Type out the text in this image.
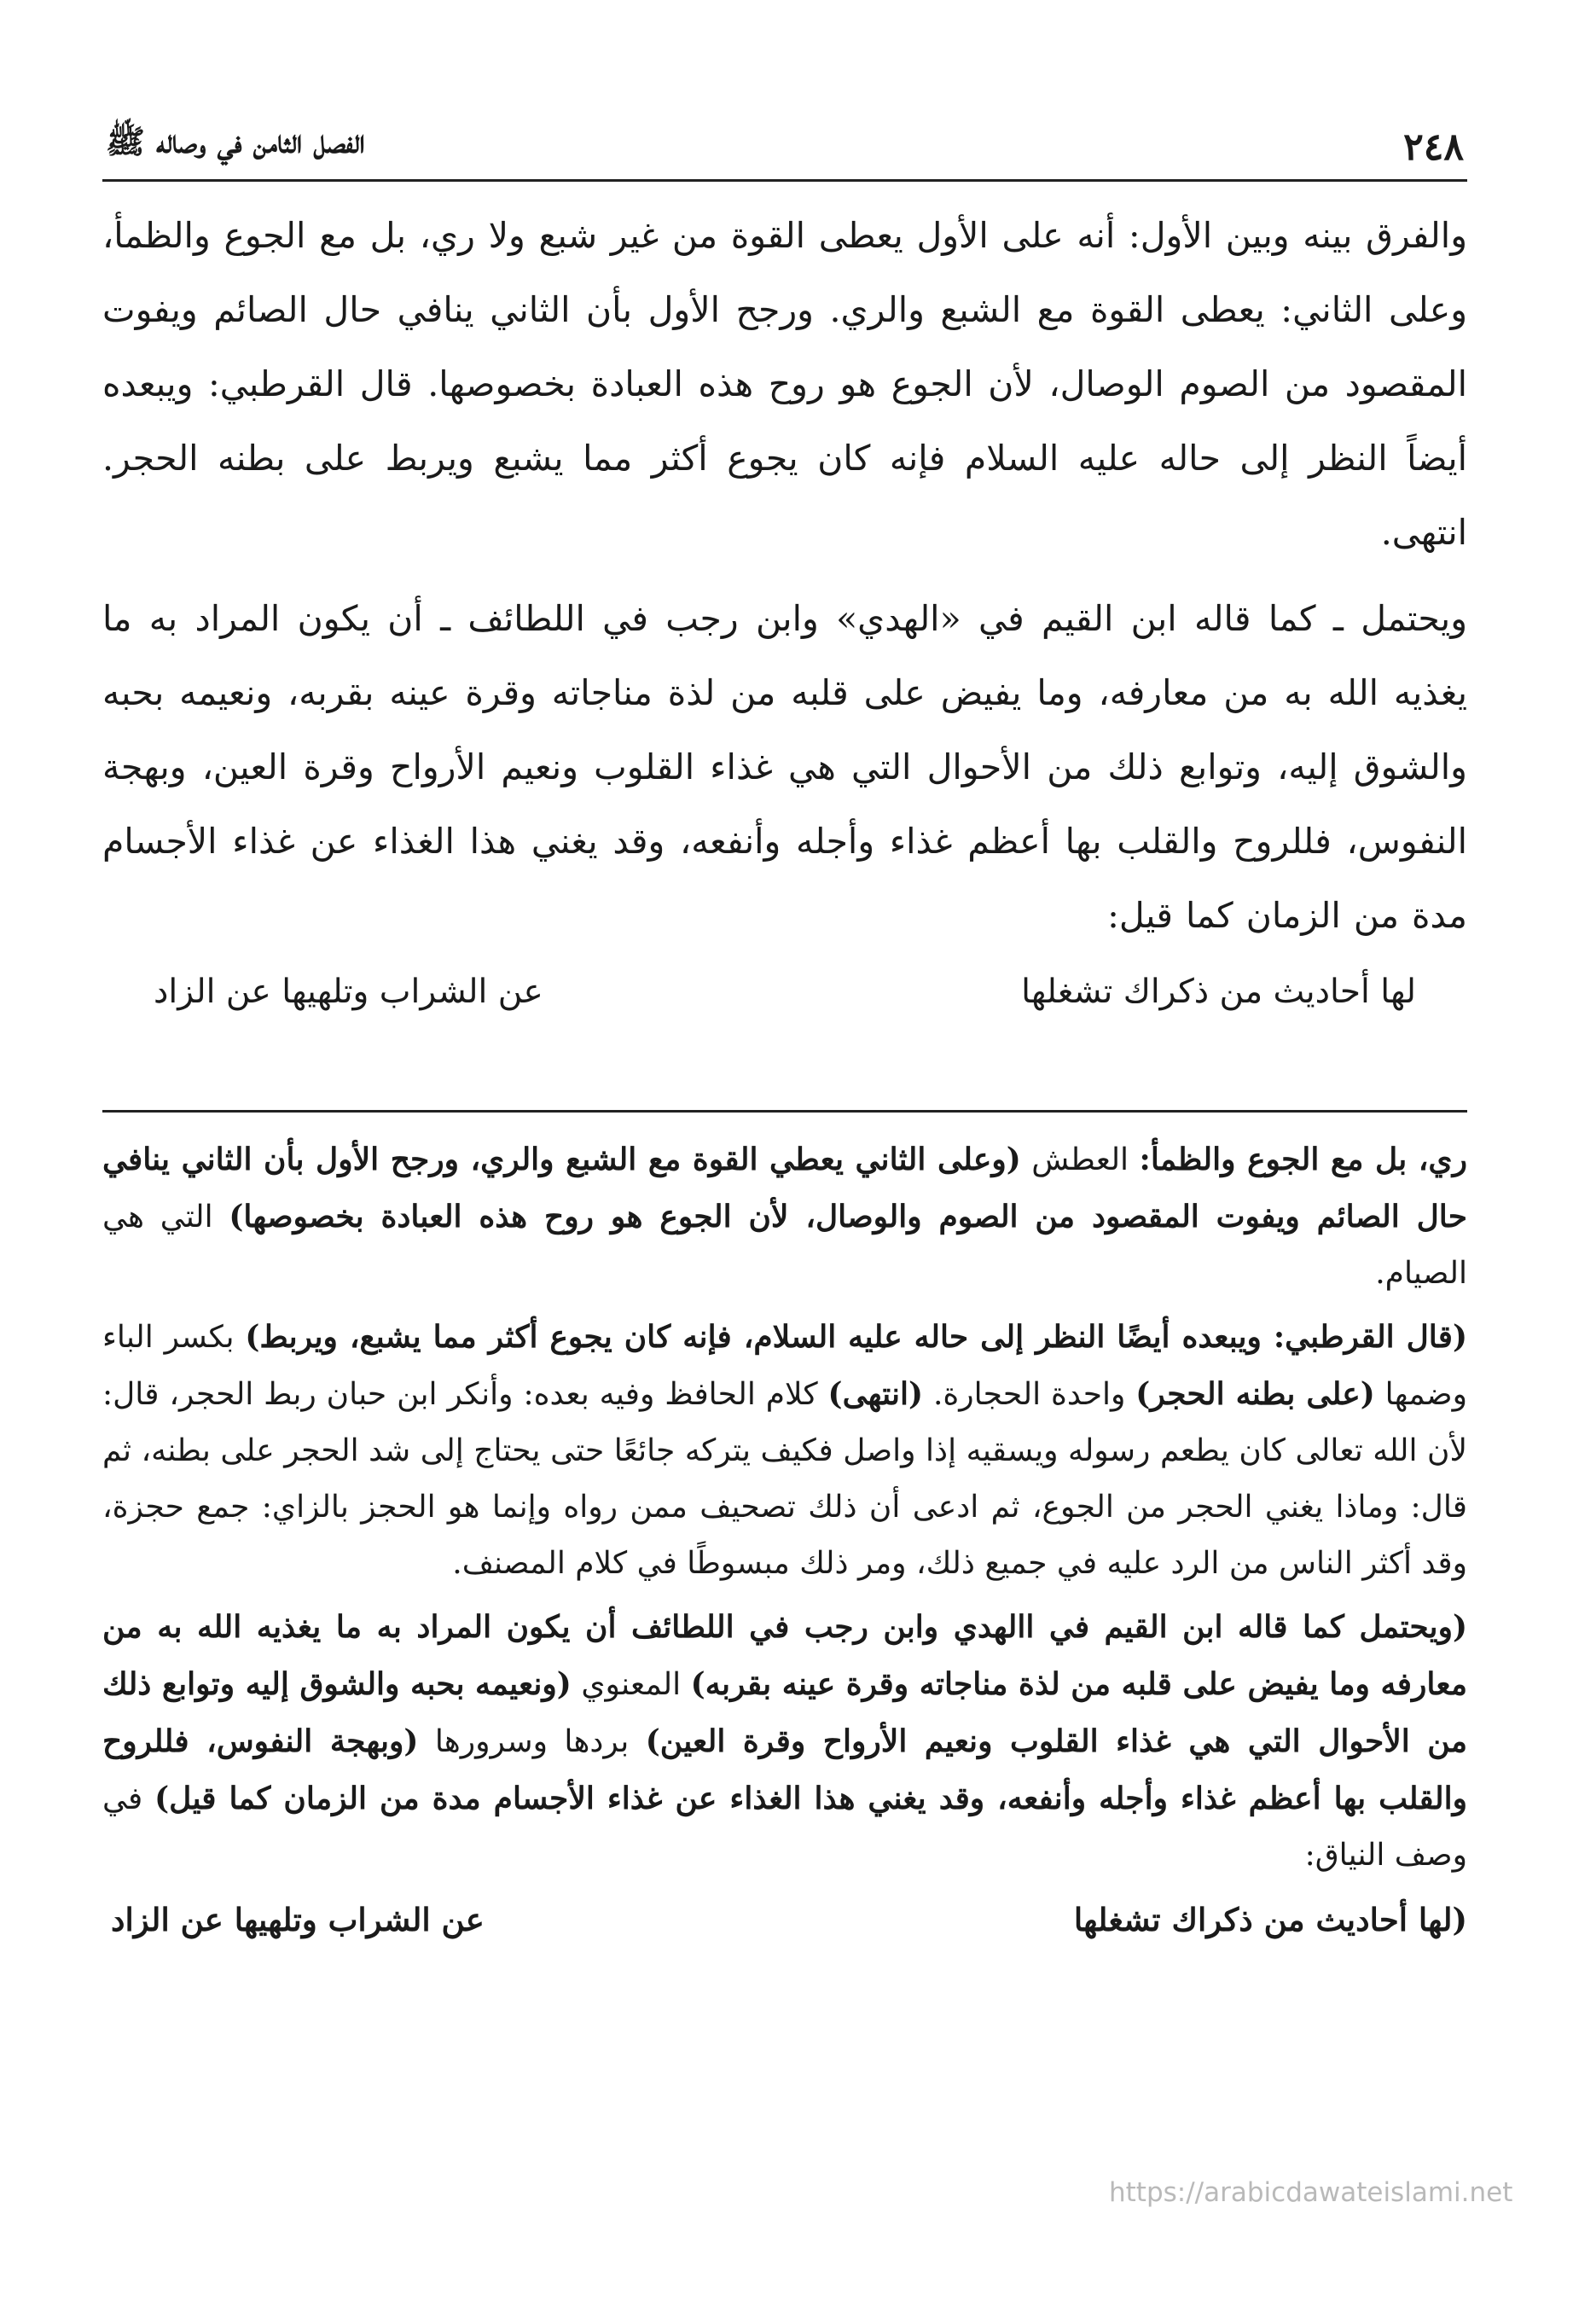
٢٤٨
الفصل الثامن في وصاله ﷺ

والفرق بينه وبين الأول: أنه على الأول يعطى القوة من غير شبع ولا ري، بل مع الجوع والظمأ، وعلى الثاني: يعطى القوة مع الشبع والري. ورجح الأول بأن الثاني ينافي حال الصائم ويفوت المقصود من الصوم الوصال، لأن الجوع هو روح هذه العبادة بخصوصها. قال القرطبي: ويبعده أيضاً النظر إلى حاله عليه السلام فإنه كان يجوع أكثر مما يشبع ويربط على بطنه الحجر. انتهى.

ويحتمل ـ كما قاله ابن القيم في «الهدي» وابن رجب في اللطائف ـ أن يكون المراد به ما يغذيه الله به من معارفه، وما يفيض على قلبه من لذة مناجاته وقرة عينه بقربه، ونعيمه بحبه والشوق إليه، وتوابع ذلك من الأحوال التي هي غذاء القلوب ونعيم الأرواح وقرة العين، وبهجة النفوس، فللروح والقلب بها أعظم غذاء وأجله وأنفعه، وقد يغني هذا الغذاء عن غذاء الأجسام مدة من الزمان كما قيل:

لها أحاديث من ذكراك تشغلها
عن الشراب وتلهيها عن الزاد

ري، بل مع الجوع والظمأ: العطش (وعلى الثاني يعطي القوة مع الشبع والري، ورجح الأول بأن الثاني ينافي حال الصائم ويفوت المقصود من الصوم والوصال، لأن الجوع هو روح هذه العبادة بخصوصها) التي هي الصيام.

(قال القرطبي: ويبعده أيضًا النظر إلى حاله عليه السلام، فإنه كان يجوع أكثر مما يشبع، ويربط) بكسر الباء وضمها (على بطنه الحجر) واحدة الحجارة. (انتهى) كلام الحافظ وفيه بعده: وأنكر ابن حبان ربط الحجر، قال: لأن الله تعالى كان يطعم رسوله ويسقيه إذا واصل فكيف يتركه جائعًا حتى يحتاج إلى شد الحجر على بطنه، ثم قال: وماذا يغني الحجر من الجوع، ثم ادعى أن ذلك تصحيف ممن رواه وإنما هو الحجز بالزاي: جمع حجزة، وقد أكثر الناس من الرد عليه في جميع ذلك، ومر ذلك مبسوطًا في كلام المصنف.

(ويحتمل كما قاله ابن القيم في االهدي وابن رجب في اللطائف أن يكون المراد به ما يغذيه الله به من معارفه وما يفيض على قلبه من لذة مناجاته وقرة عينه بقربه) المعنوي (ونعيمه بحبه والشوق إليه وتوابع ذلك من الأحوال التي هي غذاء القلوب ونعيم الأرواح وقرة العين) بردها وسرورها (وبهجة النفوس، فللروح والقلب بها أعظم غذاء وأجله وأنفعه، وقد يغني هذا الغذاء عن غذاء الأجسام مدة من الزمان كما قيل) في وصف النياق:

(لها أحاديث من ذكراك تشغلها
عن الشراب وتلهيها عن الزاد
https://arabicdawateislami.net
